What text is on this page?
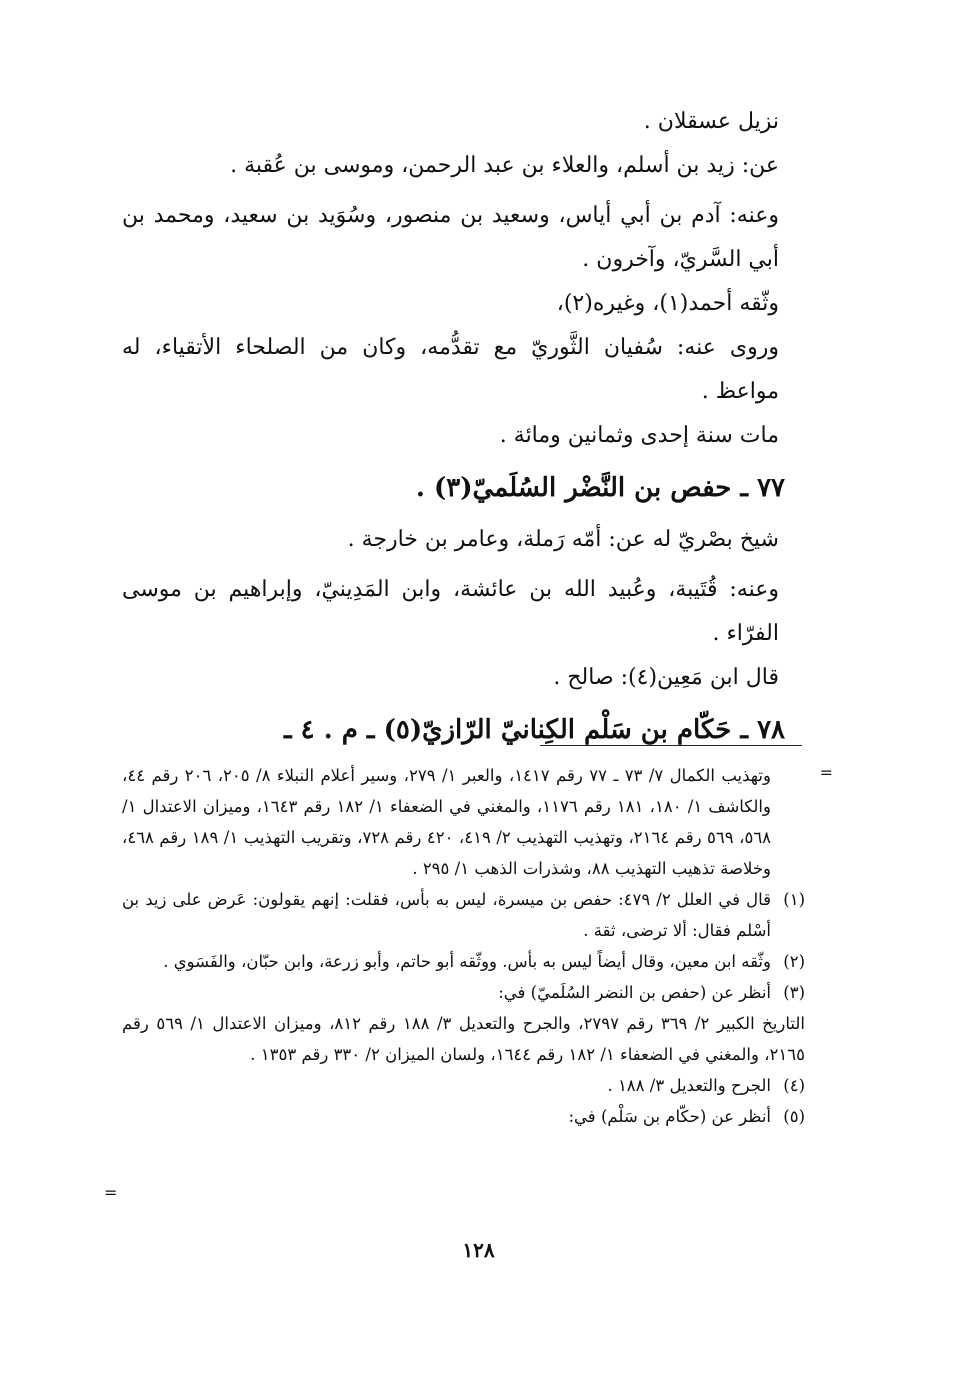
نزيل عسقلان .

عن: زيد بن أسلم، والعلاء بن عبد الرحمن، وموسى بن عُقبة .

وعنه: آدم بن أبي أياس، وسعيد بن منصور، وسُوَيد بن سعيد، ومحمد بن أبي السَّريّ، وآخرون .

وثّقه أحمد(١)، وغيره(٢)،

وروى عنه: سُفيان الثَّوريّ مع تقدُّمه، وكان من الصلحاء الأتقياء، له مواعظ .

مات سنة إحدى وثمانين ومائة .

٧٧ ـ حفص بن النَّضْر السُلَميّ(٣) .

شيخ بصْريّ له عن: أمّه رَملة، وعامر بن خارجة .

وعنه: قُتَيبة، وعُبيد الله بن عائشة، وابن المَدِينيّ، وإبراهيم بن موسى الفرّاء .

قال ابن مَعِين(٤): صالح .

٧٨ ـ حَكّام بن سَلْم الكِنانيّ الرّازيّ(٥) ـ م . ٤ ـ

=
وتهذيب الكمال ٧/ ٧٣ ـ ٧٧ رقم ١٤١٧، والعبر ١/ ٢٧٩، وسير أعلام النبلاء ٨/ ٢٠٥، ٢٠٦ رقم ٤٤، والكاشف ١/ ١٨٠، ١٨١ رقم ١١٧٦، والمغني في الضعفاء ١/ ١٨٢ رقم ١٦٤٣، وميزان الاعتدال ١/ ٥٦٨، ٥٦٩ رقم ٢١٦٤، وتهذيب التهذيب ٢/ ٤١٩، ٤٢٠ رقم ٧٢٨، وتقريب التهذيب ١/ ١٨٩ رقم ٤٦٨، وخلاصة تذهيب التهذيب ٨٨، وشذرات الذهب ١/ ٢٩٥ .
(١)
قال في العلل ٢/ ٤٧٩: حفص بن ميسرة، ليس به بأس، فقلت: إنهم يقولون: عَرض على زيد بن أسْلم فقال: ألا ترضى، ثقة .
(٢)
وثّقه ابن معين، وقال أيضاً ليس به بأس. ووثّقه أبو حاتم، وأبو زرعة، وابن حبّان، والفَسَوي .
(٣)
أنظر عن (حفص بن النضر السُلَميّ) في:
التاريخ الكبير ٢/ ٣٦٩ رقم ٢٧٩٧، والجرح والتعديل ٣/ ١٨٨ رقم ٨١٢، وميزان الاعتدال ١/ ٥٦٩ رقم ٢١٦٥، والمغني في الضعفاء ١/ ١٨٢ رقم ١٦٤٤، ولسان الميزان ٢/ ٣٣٠ رقم ١٣٥٣ .
(٤)
الجرح والتعديل ٣/ ١٨٨ .
(٥)
أنظر عن (حكّام بن سَلْم) في:
=
١٢٨
